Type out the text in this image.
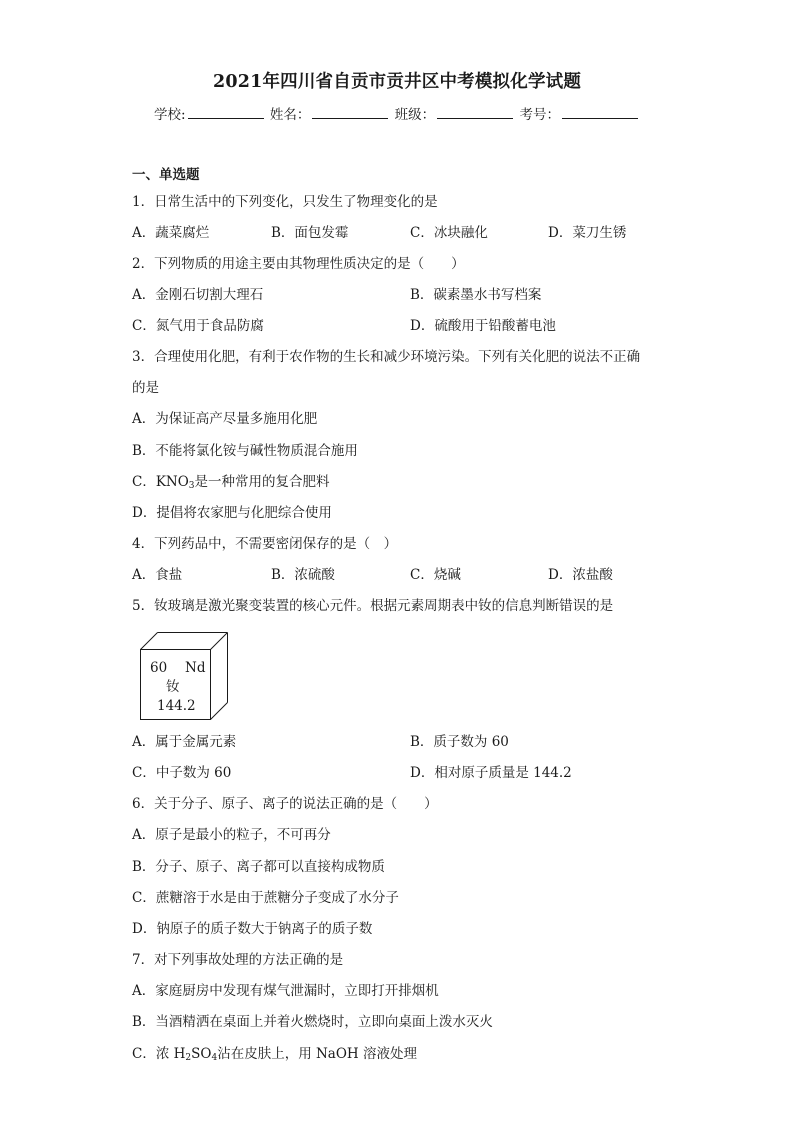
2021年四川省自贡市贡井区中考模拟化学试题
学校:	姓名：	班级：	考号：
一、单选题
1．日常生活中的下列变化，只发生了物理变化的是
A．蔬菜腐烂	B．面包发霉	C．冰块融化	D．菜刀生锈
2．下列物质的用途主要由其物理性质决定的是（　　）
A．金刚石切割大理石	B．碳素墨水书写档案
C．氮气用于食品防腐	D．硫酸用于铅酸蓄电池
3．合理使用化肥，有利于农作物的生长和减少环境污染。下列有关化肥的说法不正确
的是
A．为保证高产尽量多施用化肥
B．不能将氯化铵与碱性物质混合施用
C．$KNO_3$是一种常用的复合肥料
D．提倡将农家肥与化肥综合使用
4．下列药品中，不需要密闭保存的是（　）
A．食盐	B．浓硫酸	C．烧碱	D．浓盐酸
5．钕玻璃是激光聚变装置的核心元件。根据元素周期表中钕的信息判断错误的是
60 Nd
钕
144.2
A．属于金属元素	B．质子数为 60
C．中子数为 60	D．相对原子质量是 144.2
6．关于分子、原子、离子的说法正确的是（　　）
A．原子是最小的粒子，不可再分
B．分子、原子、离子都可以直接构成物质
C．蔗糖溶于水是由于蔗糖分子变成了水分子
D．钠原子的质子数大于钠离子的质子数
7．对下列事故处理的方法正确的是
A．家庭厨房中发现有煤气泄漏时，立即打开排烟机
B．当酒精洒在桌面上并着火燃烧时，立即向桌面上泼水灭火
C．浓 $H_2SO_4$沾在皮肤上，用 NaOH 溶液处理
